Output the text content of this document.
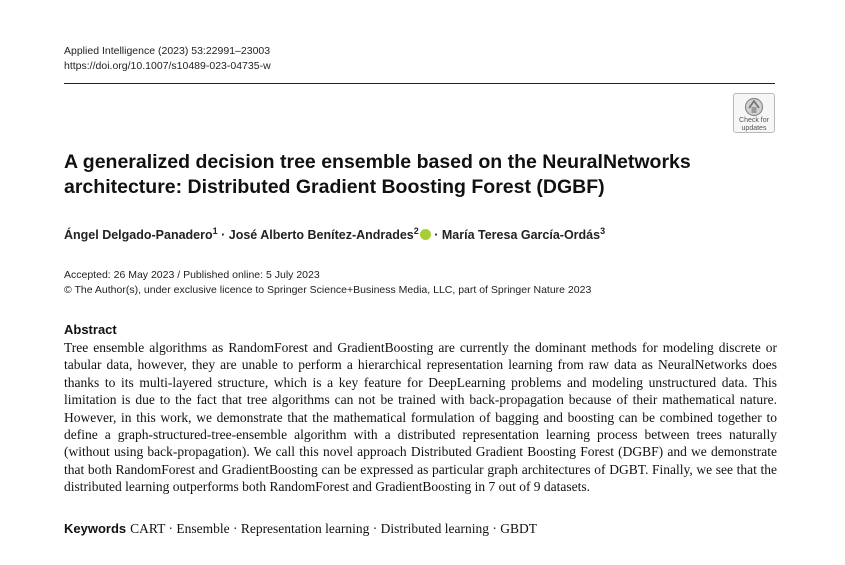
Applied Intelligence (2023) 53:22991–23003
https://doi.org/10.1007/s10489-023-04735-w
Check for
updates
A generalized decision tree ensemble based on the NeuralNetworks architecture: Distributed Gradient Boosting Forest (DGBF)
Ángel Delgado-Panadero$^1$ · José Alberto Benítez-Andrades$^2$ · María Teresa García-Ordás$^3$
Accepted: 26 May 2023 / Published online: 5 July 2023
© The Author(s), under exclusive licence to Springer Science+Business Media, LLC, part of Springer Nature 2023
Abstract
Tree ensemble algorithms as RandomForest and GradientBoosting are currently the dominant methods for modeling discrete or tabular data, however, they are unable to perform a hierarchical representation learning from raw data as NeuralNetworks does thanks to its multi-layered structure, which is a key feature for DeepLearning problems and modeling unstructured data. This limitation is due to the fact that tree algorithms can not be trained with back-propagation because of their mathematical nature. However, in this work, we demonstrate that the mathematical formulation of bagging and boosting can be combined together to define a graph-structured-tree-ensemble algorithm with a distributed representation learning process between trees naturally (without using back-propagation). We call this novel approach Distributed Gradient Boosting Forest (DGBF) and we demonstrate that both RandomForest and GradientBoosting can be expressed as particular graph architectures of DGBT. Finally, we see that the distributed learning outperforms both RandomForest and GradientBoosting in 7 out of 9 datasets.
Keywords CART · Ensemble · Representation learning · Distributed learning · GBDT
